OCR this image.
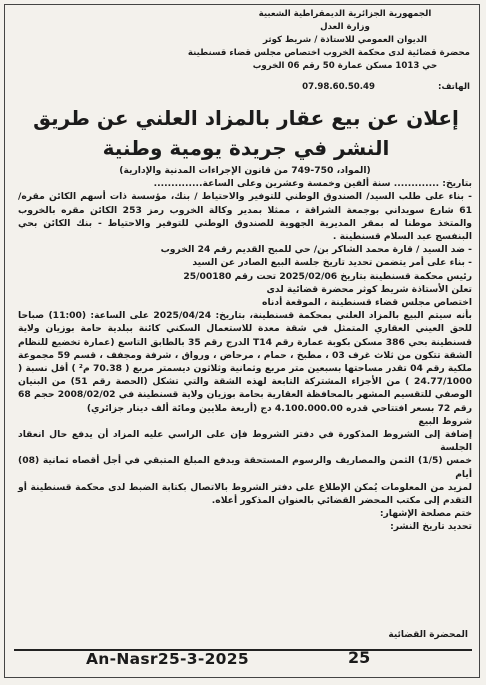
الجمهورية الجزائرية الديمقراطية الشعبية
وزارة العدل
الديوان العمومي للاستاذة / شريط كوثر
محضرة قضائية لدى محكمة الخروب اختصاص مجلس قضاء قسنطينة
حي 1013 مسكن عمارة 50 رقم 06 الخروب
الهاتف: 07.98.60.50.49
إعلان عن بيع عقار بالمزاد العلني عن طريق النشر في جريدة يومية وطنية

(المواد، 750-749 من قانون الإجراءات المدنية والإدارية)

بتاريخ: ............. سنة ألفين وخمسة وعشرين وعلى الساعة..............

- بناء على طلب السيد/ الصندوق الوطني للتوفير والاحتياط / بنك، مؤسسة ذات أسهم الكائن مقره/ 61 شارع سويداني بوجمعة الشراقة ، ممثلا بمدير وكالة الخروب رمز 253 الكائن مقره بالخروب والمتخذ موطنا له بمقر المديرية الجهوية للصندوق الوطني للتوفير والاحتياط - بنك الكائن بحي البنفسج عبد السلام قسنطينة .

- ضد السيد / قارة محمد الشاكر بن/ حي للمبح القديم رقم 24 الخروب

- بناء على أمر يتضمن تحديد تاريخ جلسة البيع الصادر عن السيد

رئيس محكمة قسنطينة بتاريخ 2025/02/06 تحت رقم 25/00180

تعلن الأستاذة شريط كوثر محضرة قضائية لدى

اختصاص مجلس قضاء قسنطينة ، الموقعة أدناه

بأنه سيتم البيع بالمزاد العلني بمحكمة قسنطينة، بتاريخ: 2025/04/24 على الساعة: (11:00) صباحا للحق العيني العقاري المتمثل في شقة معدة للاستعمال السكني كائنة ببلدية حامة بوزيان ولاية قسنطينة بحي 386 مسكن بكوبة عمارة رقم T14 الدرج رقم 35 بالطابق التاسع (عمارة تخضيع للنظام الشقة تتكون من ثلاث غرف 03 ، مطبخ ، حمام ، مرحاض ، ورواق ، شرفة ومجفف ، قسم 59 مجموعة ملكية رقم 04 تقدر مساحتها بسبعين متر مربع وثمانية وثلاثون ديسمتر مربع ( 70.38 م² ) أقل نسبة ( 24.77/1000 ) من الأجزاء المشتركة التابعة لهذه الشقة والتي تشكل (الحصة رقم 51) من البنيان الوصفي للتقسيم المشهر بالمحافظة العقارية بحامة بوزيان ولاية قسنطينة في 2008/02/02 حجم 68 رقم 72 بسعر افتتاحي قدره 4.100.000.00 دج (أربعة ملايين ومائة ألف دينار جزائري)

شروط البيع

إضافة إلى الشروط المذكورة في دفتر الشروط فإن على الراسي عليه المزاد أن يدفع حال انعقاد الجلسة

خمس (1/5) الثمن والمصاريف والرسوم المستحقة ويدفع المبلغ المتبقي في أجل أقصاه ثمانية (08) أيام

لمزيد من المعلومات يُمكن الإطلاع على دفتر الشروط بالاتصال بكتابة الضبط لدى محكمة قسنطينة أو التقدم إلى مكتب المحضر القضائي بالعنوان المذكور أعلاه.

ختم مصلحة الإشهار:

تحديد تاريخ النشر:

المحضرة القضائية
An-Nasr25-3-2025	25
